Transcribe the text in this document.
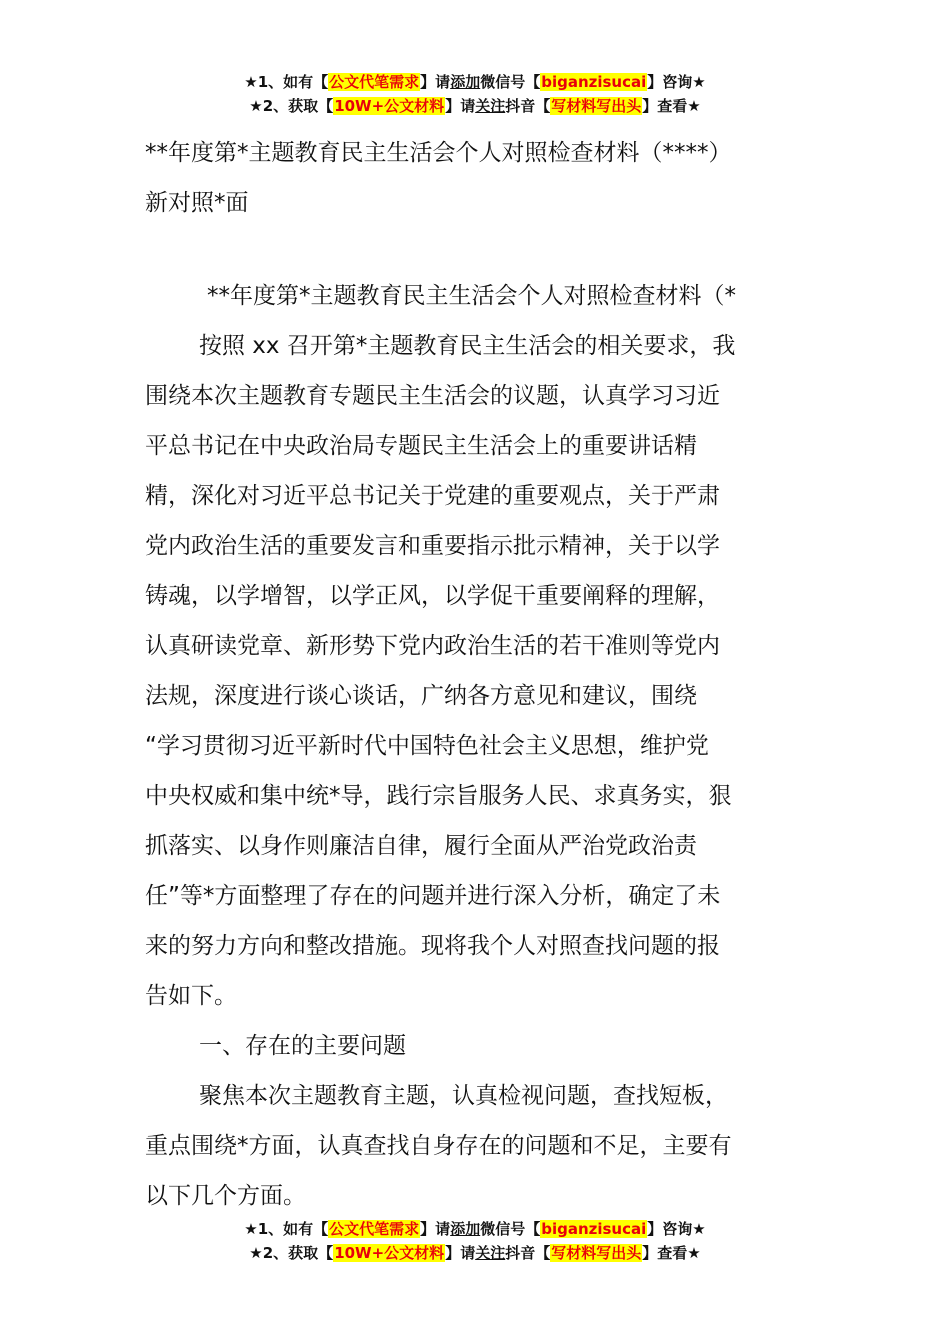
★1、如有【公文代笔需求】请添加微信号【biganzisucai】咨询★
★2、获取【10W+公文材料】请关注抖音【写材料写出头】查看★
**年度第*主题教育民主生活会个人对照检查材料（****）
新对照*面
**年度第*主题教育民主生活会个人对照检查材料（*
按照 xx 召开第*主题教育民主生活会的相关要求，我
围绕本次主题教育专题民主生活会的议题，认真学习习近
平总书记在中央政治局专题民主生活会上的重要讲话精
精，深化对习近平总书记关于党建的重要观点，关于严肃
党内政治生活的重要发言和重要指示批示精神，关于以学
铸魂，以学增智，以学正风，以学促干重要阐释的理解，
认真研读党章、新形势下党内政治生活的若干准则等党内
法规，深度进行谈心谈话，广纳各方意见和建议，围绕
“学习贯彻习近平新时代中国特色社会主义思想，维护党
中央权威和集中统*导，践行宗旨服务人民、求真务实，狠
抓落实、以身作则廉洁自律，履行全面从严治党政治责
任”等*方面整理了存在的问题并进行深入分析，确定了未
来的努力方向和整改措施。现将我个人对照查找问题的报
告如下。
一、存在的主要问题
聚焦本次主题教育主题，认真检视问题，查找短板，
重点围绕*方面，认真查找自身存在的问题和不足，主要有
以下几个方面。
★1、如有【公文代笔需求】请添加微信号【biganzisucai】咨询★
★2、获取【10W+公文材料】请关注抖音【写材料写出头】查看★
